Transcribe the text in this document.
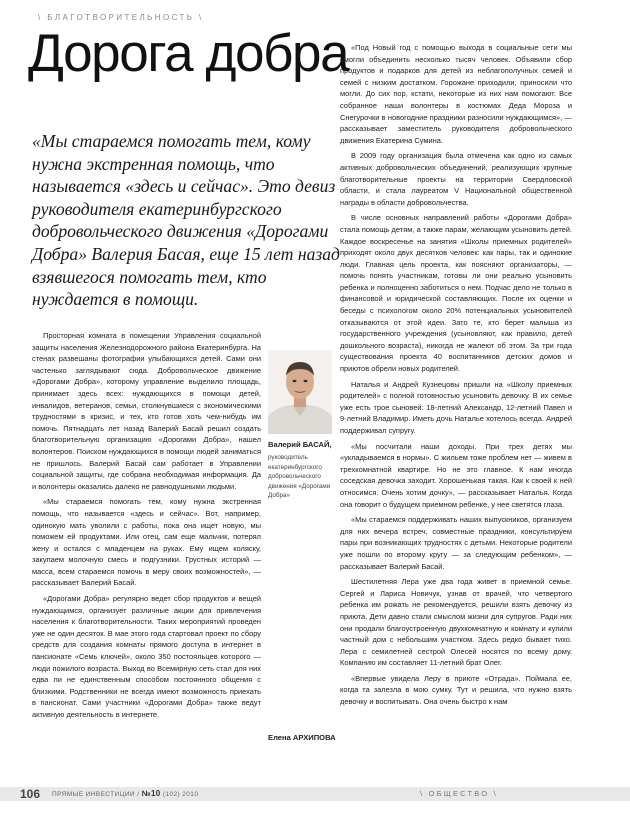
\ БЛАГОТВОРИТЕЛЬНОСТЬ \
Дорога добра

«Мы стараемся помогать тем, кому нужна экстренная помощь, что называется «здесь и сейчас». Это девиз руководителя екатеринбургского добровольческого движения «Дорогами Добра» Валерия Басая, еще 15 лет назад взявшегося помогать тем, кто нуждается в помощи.

Просторная комната в помещении Управления социальной защиты населения Железнодорожного района Екатеринбурга. На стенах развешаны фотографии улыбающихся детей. Сами они частенько заглядывают сюда. Добровольческое движение «Дорогами Добра», которому управление выделило площадь, принимает здесь всех: нуждающихся в помощи детей, инвалидов, ветеранов, семьи, столкнувшиеся с экономическими трудностями в кризис, и тех, кто готов хоть чем-нибудь им помочь. Пятнадцать лет назад Валерий Басай решил создать благотворительную организацию «Дорогами Добра», нашел волонтеров. Поиском нуждающихся в помощи людей заниматься не пришлось. Валерий Басай сам работает в Управлении социальной защиты, где собрана необходимая информация. Да и волонтеры оказались далеко не равнодушными людьми.

«Мы стараемся помогать тем, кому нужна экстренная помощь, что называется «здесь и сейчас». Вот, например, одинокую мать уволили с работы, пока она ищет новую, мы поможем ей продуктами. Или отец, сам еще мальчик, потерял жену и остался с младенцем на руках. Ему ищем коляску, закупаем молочную смесь и подгузники. Грустных историй — масса, всем стараемся помочь в меру своих возможностей», — рассказывает Валерий Басай.

«Дорогами Добра» регулярно ведет сбор продуктов и вещей нуждающимся, организует различные акции для привлечения населения к благотворительности. Таких мероприятий проведен уже не один десяток. В мае этого года стартовал проект по сбору средств для создания комнаты прямого доступа в интернет в пансионате «Семь ключей», около 350 постояльцев которого — люди пожилого возраста. Выход во Всемирную сеть стал для них едва ли не единственным способом постоянного общения с близкими. Родственники не всегда имеют возможность приехать в пансионат. Сами участники «Дорогами Добра» также ведут активную деятельность в интернете.

Валерий БАСАЙ,

руководитель екатеринбургского добровольческого движения «Дорогами Добра»

Елена АРХИПОВА

«Под Новый год с помощью выхода в социальные сети мы смогли объединить несколько тысяч человек. Объявили сбор продуктов и подарков для детей из неблагополучных семей и семей с низким достатком. Горожане приходили, приносили что могли. До сих пор, кстати, некоторые из них нам помогают. Все собранное наши волонтеры в костюмах Деда Мороза и Снегурочки в новогодние праздники разносили нуждающимся», — рассказывает заместитель руководителя добровольческого движения Екатерина Сумина.

В 2009 году организация была отмечена как одно из самых активных добровольческих объединений, реализующих крупные благотворительные проекты на территории Свердловской области, и стала лауреатом V Национальной общественной награды в области добровольчества.

В числе основных направлений работы «Дорогами Добра» стала помощь детям, а также парам, желающим усыновить детей. Каждое воскресенье на занятия «Школы приемных родителей» приходят около двух десятков человек: как пары, так и одинокие люди. Главная цель проекта, как поясняют организаторы, — помочь понять участникам, готовы ли они реально усыновить ребенка и полноценно заботиться о нем. Подчас дело не только в финансовой и юридической составляющих. После их оценки и беседы с психологом около 20% потенциальных усыновителей отказываются от этой идеи. Зато те, кто берет малыша из государственного учреждения (усыновляют, как правило, детей дошкольного возраста), никогда не жалеют об этом. За три года существования проекта 40 воспитанников детских домов и приютов обрели новых родителей.

Наталья и Андрей Кузнецовы пришли на «Школу приемных родителей» с полной готовностью усыновить девочку. В их семье уже есть трое сыновей: 18-летний Александр, 12-летний Павел и 9-летний Владимир. Иметь дочь Наталье хотелось всегда. Андрей поддерживал супругу.

«Мы посчитали наши доходы. При трех детях мы «укладываемся в нормы». С жильем тоже проблем нет — живем в трехкомнатной квартире. Но не это главное. К нам иногда соседская девочка заходит. Хорошенькая такая. Как к своей к ней относимся. Очень хотим дочку», — рассказывает Наталья. Когда она говорит о будущем приемном ребенке, у нее светятся глаза.

«Мы стараемся поддерживать наших выпускников, организуем для них вечера встреч, совместные праздники, консультируем пары при возникающих трудностях с детьми. Некоторые родители уже пошли по второму кругу — за следующим ребенком», — рассказывает Валерий Басай.

Шестилетняя Лера уже два года живет в приемной семье. Сергей и Лариса Новичук, узнав от врачей, что четвертого ребенка им рожать не рекомендуется, решили взять девочку из приюта. Дети давно стали смыслом жизни для супругов. Ради них они продали благоустроенную двухкомнатную и комнату и купили частный дом с небольшим участком. Здесь редко бывает тихо. Лера с семилетней сестрой Олесей носятся по всему дому. Компанию им составляет 11-летний брат Олег.

«Впервые увидела Леру в приюте «Отрада». Поймала ее, когда та залезла в мою сумку. Тут и решила, что нужно взять девочку и воспитывать. Она очень быстро к нам

106 ПРЯМЫЕ ИНВЕСТИЦИИ / №10 (102) 2010	\ ОБЩЕСТВО \
